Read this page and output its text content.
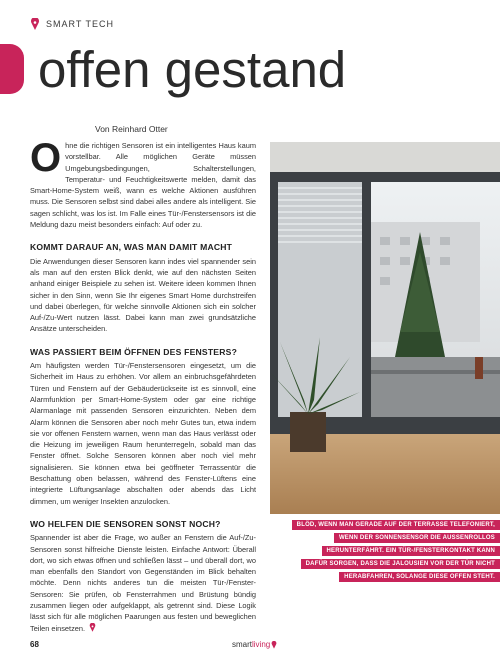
SMART TECH
offen gestand
Von Reinhard Otter

Ohne die richtigen Sensoren ist ein intelligentes Haus kaum vorstellbar. Alle möglichen Geräte müssen Umgebungsbedingungen, Schalterstellungen, Temperatur- und Feuchtigkeitswerte melden, damit das Smart-Home-System weiß, wann es welche Aktionen ausführen muss. Die Sensoren selbst sind dabei alles andere als intelligent. Sie sagen schlicht, was los ist. Im Falle eines Tür-/Fenstersensors ist die Meldung dazu meist besonders einfach: Auf oder zu.

KOMMT DARAUF AN, WAS MAN DAMIT MACHT

Die Anwendungen dieser Sensoren kann indes viel spannender sein als man auf den ersten Blick denkt, wie auf den nächsten Seiten anhand einiger Beispiele zu sehen ist. Weitere ideen kommen Ihnen sicher in den Sinn, wenn Sie Ihr eigenes Smart Home durchstreifen und dabei überlegen, für welche sinnvolle Aktionen sich ein solcher Auf-/Zu-Wert nutzen lässt. Dabei kann man zwei grundsätzliche Ansätze unterscheiden.

WAS PASSIERT BEIM ÖFFNEN DES FENSTERS?

Am häufigsten werden Tür-/Fenstersensoren eingesetzt, um die Sicherheit im Haus zu erhöhen. Vor allem an einbruchsgefährdeten Türen und Fenstern auf der Gebäuderückseite ist es sinnvoll, eine Alarmfunktion per Smart-Home-System oder gar eine richtige Alarmanlage mit passenden Sensoren einzurichten. Neben dem Alarm können die Sensoren aber noch mehr Gutes tun, etwa indem sie vor offenen Fenstern warnen, wenn man das Haus verlässt oder die Heizung im jeweiligen Raum herunterregeln, sobald man das Fenster öffnet. Solche Sensoren können aber noch viel mehr signalisieren. Sie können etwa bei geöffneter Terrassentür die Beschattung oben belassen, während des Fenster-Lüftens eine integrierte Lüftungsanlage abschalten oder abends das Licht dimmen, um weniger Insekten anzulocken.

WO HELFEN DIE SENSOREN SONST NOCH?

Spannender ist aber die Frage, wo außer an Fenstern die Auf-/Zu-Sensoren sonst hilfreiche Dienste leisten. Einfache Antwort: Überall dort, wo sich etwas öffnen und schließen lässt – und überall dort, wo man ebenfalls den Standort von Gegenständen im Blick behalten möchte. Denn nichts anderes tun die meisten Tür-/Fenster-Sensoren: Sie prüfen, ob Fensterrahmen und Brüstung bündig zusammen liegen oder aufgeklappt, als getrennt sind. Diese Logik lässt sich für alle möglichen Paarungen aus festen und beweglichen Teilen einsetzen.

BLÖD, WENN MAN GERADE AUF DER TERRASSE TELEFONIERT,
WENN DER SONNENSENSOR DIE AUSSENROLLOS
HERUNTERFÄHRT. EIN TÜR-/FENSTERKONTAKT KANN
DAFÜR SORGEN, DASS DIE JALOUSIEN VOR DER TÜR NICHT
HERABFAHREN, SOLANGE DIESE OFFEN STEHT.
68	smart living
